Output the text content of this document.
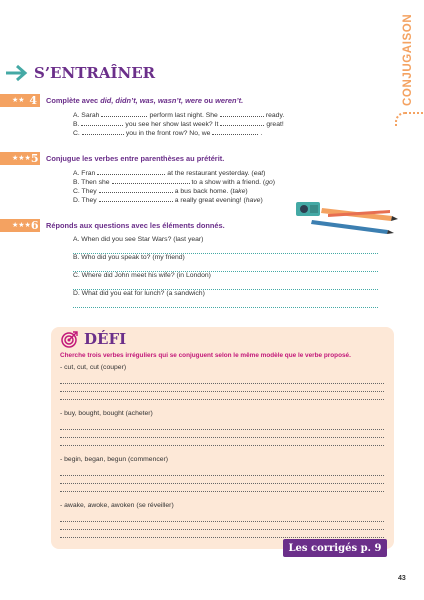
CONJUGAISON
S’ENTRAÎNER
★★ 4 Complète avec did, didn’t, was, wasn’t, were ou weren’t.
A. Sarah	perform last night. She	ready.
B.	you see her show last week? It	great!
C.	you in the front row? No, we	.
★★★ 5 Conjugue les verbes entre parenthèses au prétérit.
A. Fran	at the restaurant yesterday. (eat)
B. Then she	to a show with a friend. (go)
C. They	a bus back home. (take)
D. They	a really great evening! (have)
★★★ 6 Réponds aux questions avec les éléments donnés.
A. When did you see Star Wars? (last year)
B. Who did you speak to? (my friend)
C. Where did John meet his wife? (in London)
D. What did you eat for lunch? (a sandwich)
DÉFI
Cherche trois verbes irréguliers qui se conjuguent selon le même modèle que le verbe proposé.
- cut, cut, cut (couper)
- buy, bought, bought (acheter)
- begin, began, begun (commencer)
- awake, awoke, awoken (se réveiller)
Les corrigés p. 9
43
